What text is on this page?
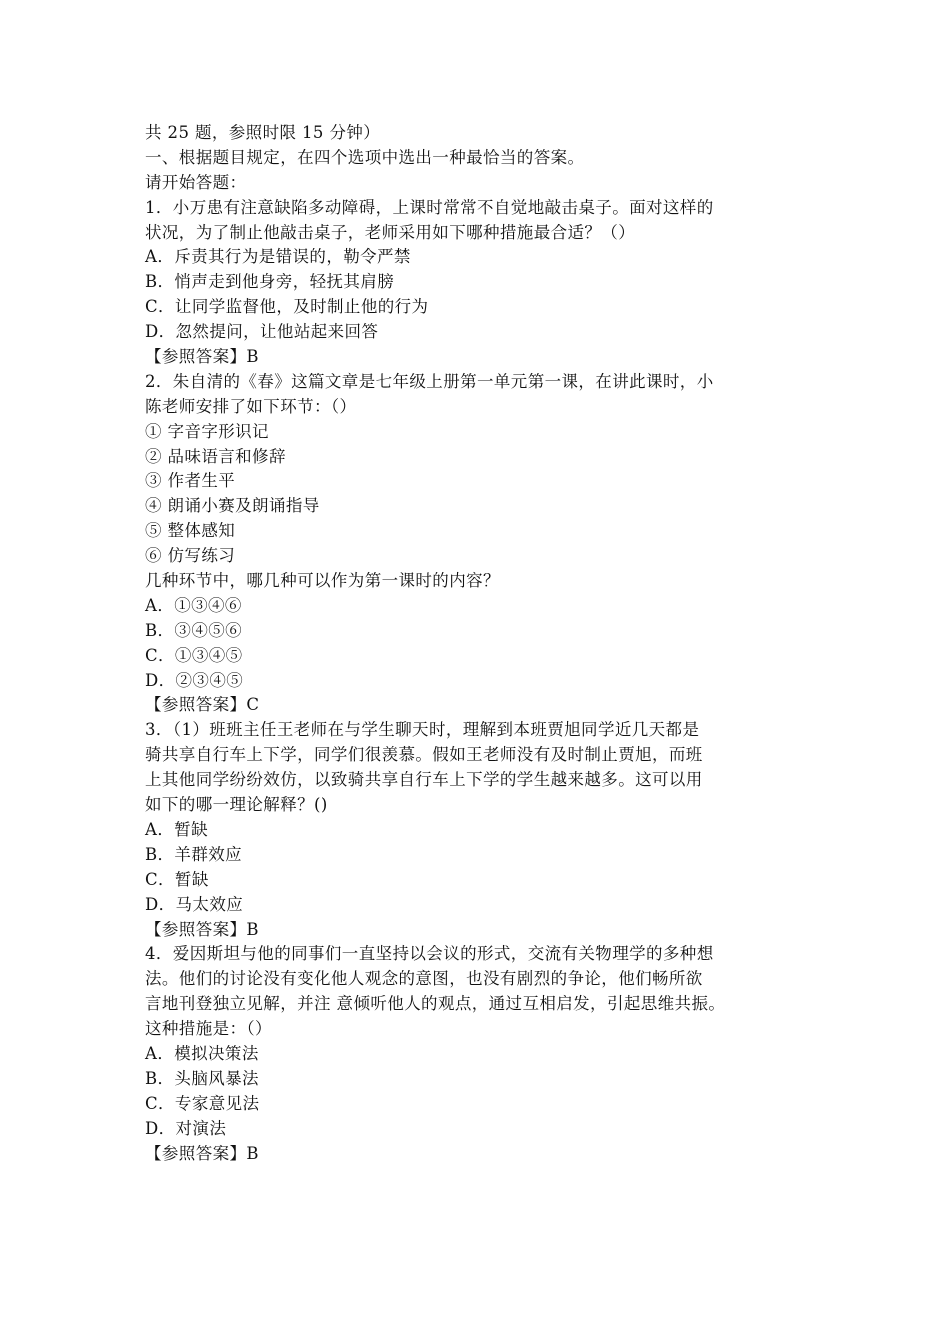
共 25 题，参照时限 15 分钟）
一、根据题目规定，在四个选项中选出一种最恰当的答案。
请开始答题：
1．小万患有注意缺陷多动障碍，上课时常常不自觉地敲击桌子。面对这样的
状况，为了制止他敲击桌子，老师采用如下哪种措施最合适？（）
A．斥责其行为是错误的，勒令严禁
B．悄声走到他身旁，轻抚其肩膀
C．让同学监督他，及时制止他的行为
D．忽然提问，让他站起来回答
【参照答案】B
2．朱自清的《春》这篇文章是七年级上册第一单元第一课，在讲此课时，小
陈老师安排了如下环节：（）
① 字音字形识记
② 品味语言和修辞
③ 作者生平
④ 朗诵小赛及朗诵指导
⑤ 整体感知
⑥ 仿写练习
几种环节中，哪几种可以作为第一课时的内容？
A．①③④⑥
B．③④⑤⑥
C．①③④⑤
D．②③④⑤
【参照答案】C
3．（1）班班主任王老师在与学生聊天时，理解到本班贾旭同学近几天都是
骑共享自行车上下学，同学们很羡慕。假如王老师没有及时制止贾旭，而班
上其他同学纷纷效仿，以致骑共享自行车上下学的学生越来越多。这可以用
如下的哪一理论解释？()
A．暂缺
B．羊群效应
C．暂缺
D．马太效应
【参照答案】B
4．爱因斯坦与他的同事们一直坚持以会议的形式，交流有关物理学的多种想
法。他们的讨论没有变化他人观念的意图，也没有剧烈的争论，他们畅所欲
言地刊登独立见解，并注 意倾听他人的观点，通过互相启发，引起思维共振。
这种措施是：（）
A．模拟决策法
B．头脑风暴法
C．专家意见法
D．对演法
【参照答案】B
